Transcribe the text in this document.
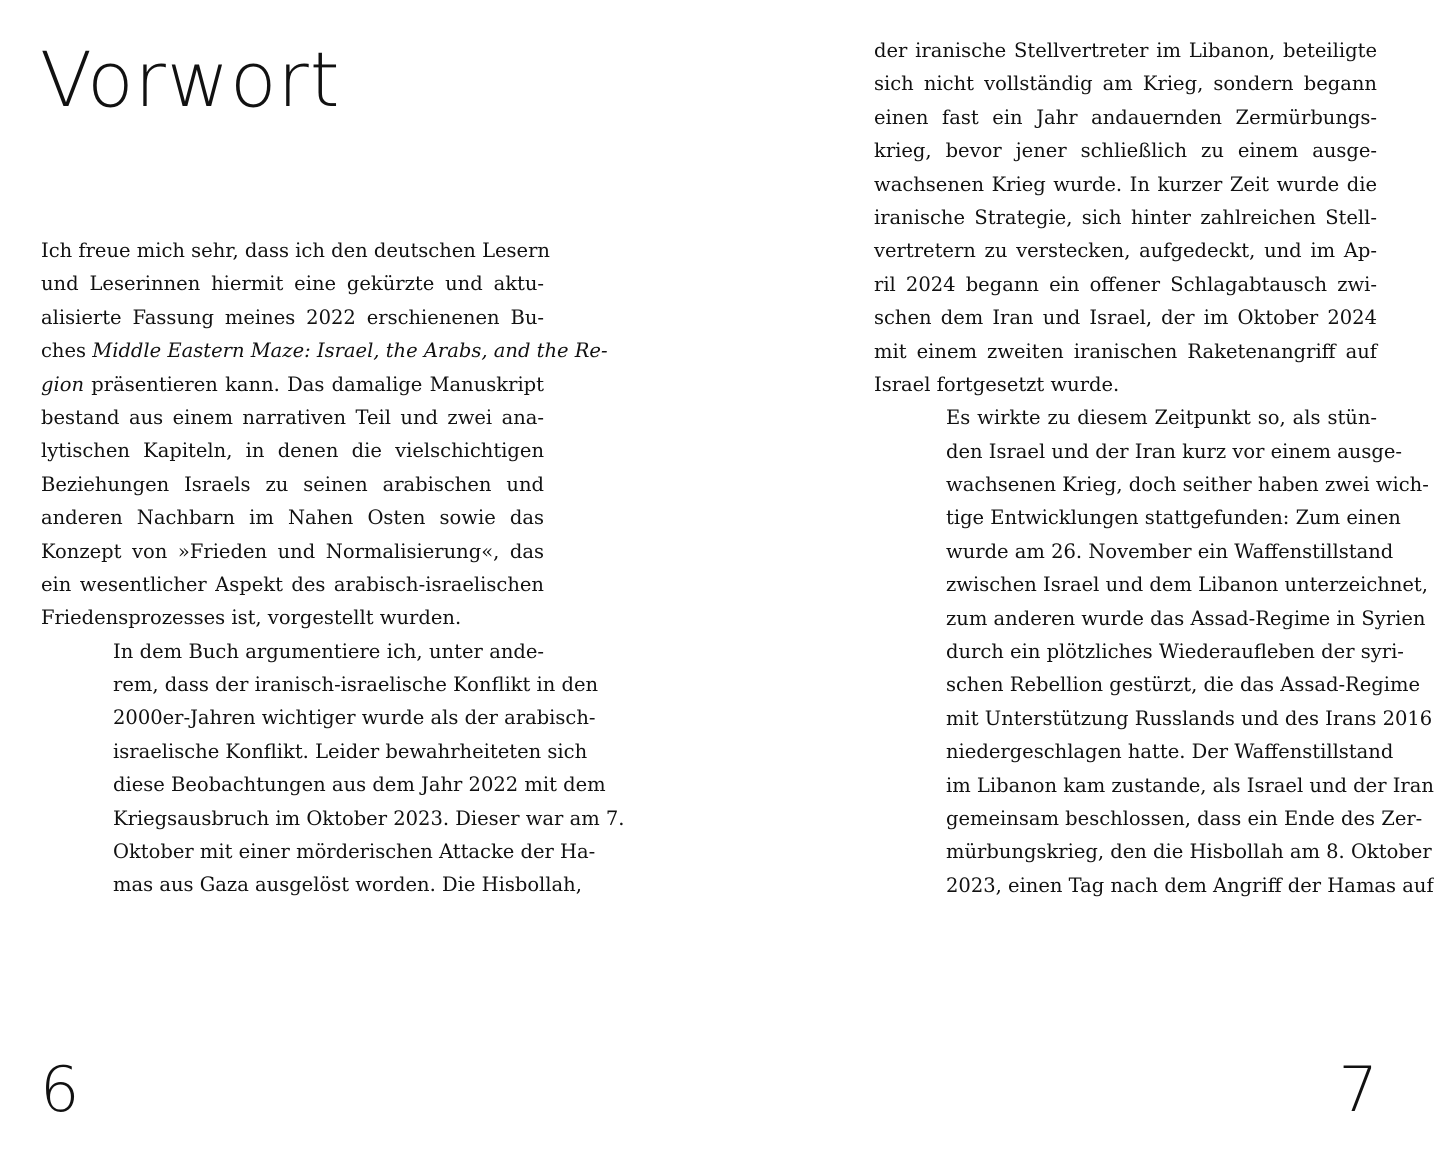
Vorwort

Ich freue mich sehr, dass ich den deutschen Lesern
und Leserinnen hiermit eine gekürzte und aktu-
alisierte Fassung meines 2022 erschienenen Bu-
ches Middle Eastern Maze: Israel, the Arabs, and the Re-
gion präsentieren kann. Das damalige Manuskript
bestand aus einem narrativen Teil und zwei ana-
lytischen Kapiteln, in denen die vielschichtigen
Beziehungen Israels zu seinen arabischen und
anderen Nachbarn im Nahen Osten sowie das
Konzept von »Frieden und Normalisierung«, das
ein wesentlicher Aspekt des arabisch-israelischen
Friedensprozesses ist, vorgestellt wurden.

In dem Buch argumentiere ich, unter ande-
rem, dass der iranisch-israelische Konflikt in den
2000er-Jahren wichtiger wurde als der arabisch-
israelische Konflikt. Leider bewahrheiteten sich
diese Beobachtungen aus dem Jahr 2022 mit dem
Kriegsausbruch im Oktober 2023. Dieser war am 7.
Oktober mit einer mörderischen Attacke der Ha-
mas aus Gaza ausgelöst worden. Die Hisbollah,

6

der iranische Stellvertreter im Libanon, beteiligte
sich nicht vollständig am Krieg, sondern begann
einen fast ein Jahr andauernden Zermürbungs-
krieg, bevor jener schließlich zu einem ausge-
wachsenen Krieg wurde. In kurzer Zeit wurde die
iranische Strategie, sich hinter zahlreichen Stell-
vertretern zu verstecken, aufgedeckt, und im Ap-
ril 2024 begann ein offener Schlagabtausch zwi-
schen dem Iran und Israel, der im Oktober 2024
mit einem zweiten iranischen Raketenangriff auf
Israel fortgesetzt wurde.

Es wirkte zu diesem Zeitpunkt so, als stün-
den Israel und der Iran kurz vor einem ausge-
wachsenen Krieg, doch seither haben zwei wich-
tige Entwicklungen stattgefunden: Zum einen
wurde am 26. November ein Waffenstillstand
zwischen Israel und dem Libanon unterzeichnet,
zum anderen wurde das Assad-Regime in Syrien
durch ein plötzliches Wiederaufleben der syri-
schen Rebellion gestürzt, die das Assad-Regime
mit Unterstützung Russlands und des Irans 2016
niedergeschlagen hatte. Der Waffenstillstand
im Libanon kam zustande, als Israel und der Iran
gemeinsam beschlossen, dass ein Ende des Zer-
mürbungskrieg, den die Hisbollah am 8. Oktober
2023, einen Tag nach dem Angriff der Hamas auf

7
